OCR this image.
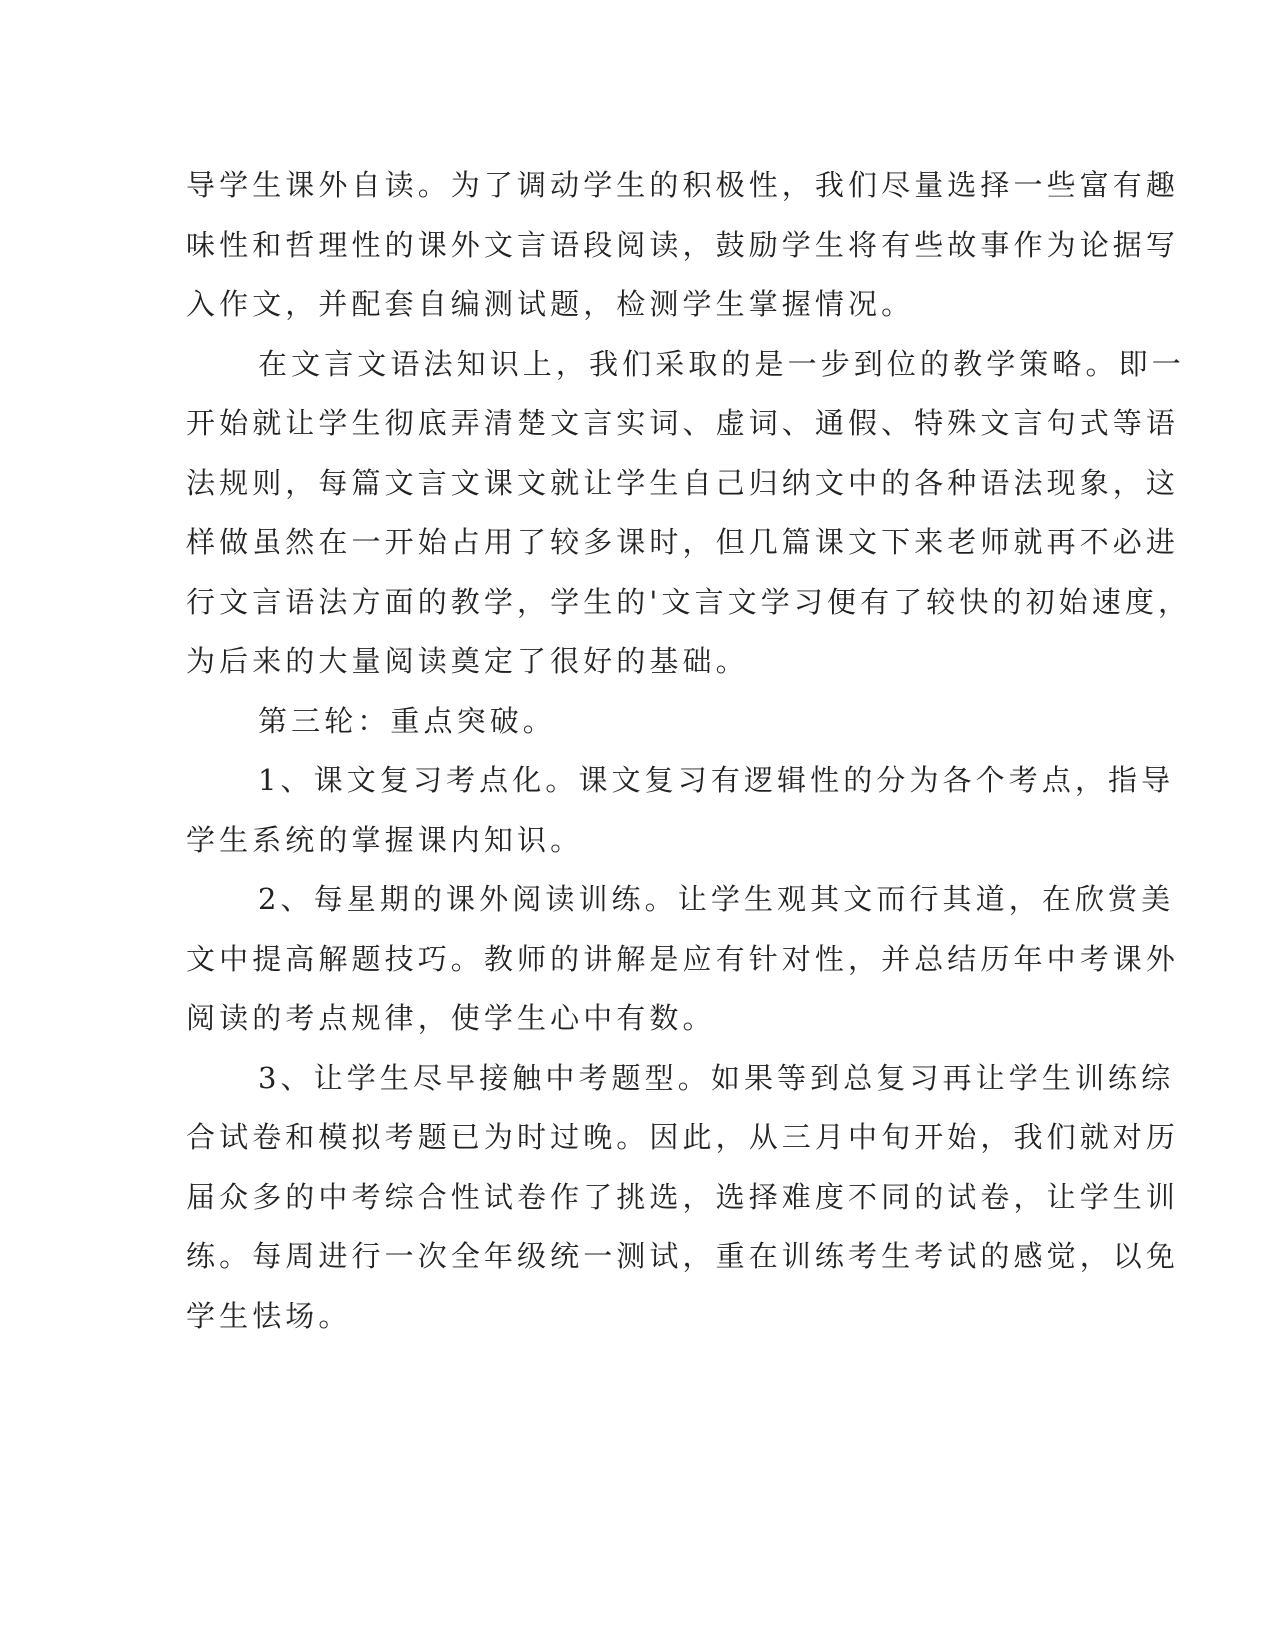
导学生课外自读。为了调动学生的积极性，我们尽量选择一些富有趣
味性和哲理性的课外文言语段阅读，鼓励学生将有些故事作为论据写
入作文，并配套自编测试题，检测学生掌握情况。
在文言文语法知识上，我们采取的是一步到位的教学策略。即一
开始就让学生彻底弄清楚文言实词、虚词、通假、特殊文言句式等语
法规则，每篇文言文课文就让学生自己归纳文中的各种语法现象，这
样做虽然在一开始占用了较多课时，但几篇课文下来老师就再不必进
行文言语法方面的教学，学生的'文言文学习便有了较快的初始速度，
为后来的大量阅读奠定了很好的基础。
第三轮：重点突破。
1、课文复习考点化。课文复习有逻辑性的分为各个考点，指导
学生系统的掌握课内知识。
2、每星期的课外阅读训练。让学生观其文而行其道，在欣赏美
文中提高解题技巧。教师的讲解是应有针对性，并总结历年中考课外
阅读的考点规律，使学生心中有数。
3、让学生尽早接触中考题型。如果等到总复习再让学生训练综
合试卷和模拟考题已为时过晚。因此，从三月中旬开始，我们就对历
届众多的中考综合性试卷作了挑选，选择难度不同的试卷，让学生训
练。每周进行一次全年级统一测试，重在训练考生考试的感觉，以免
学生怯场。
